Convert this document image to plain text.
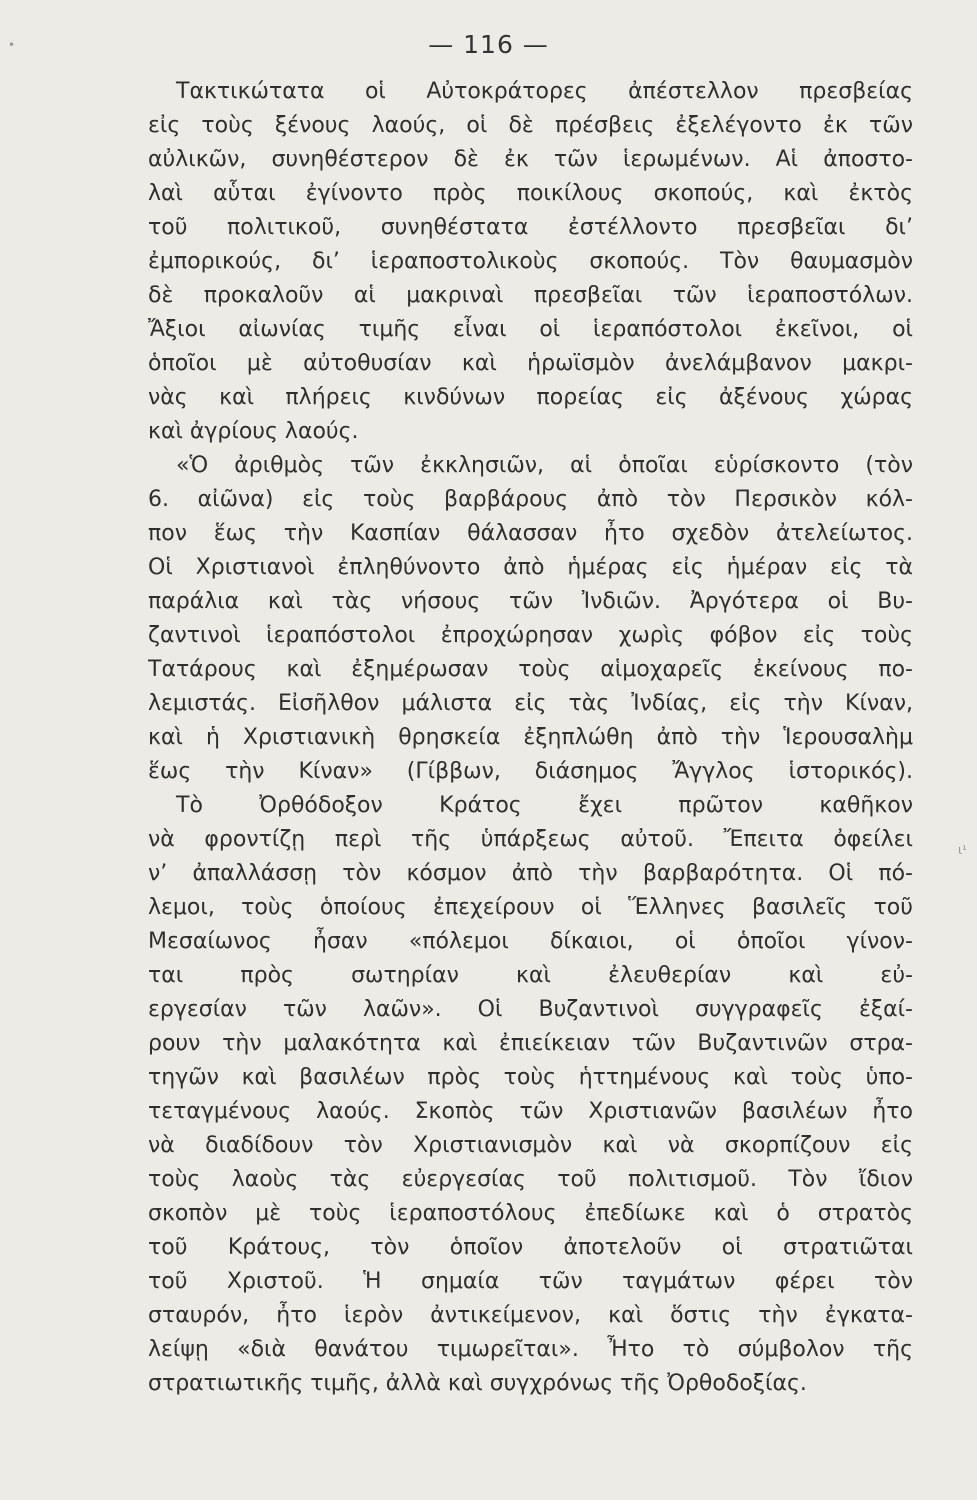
•	— 116 —
Τακτικώτατα οἱ Αὐτοκράτορες ἀπέστελλον πρεσβείας
εἰς τοὺς ξένους λαούς, οἱ δὲ πρέσβεις ἐξελέγοντο ἐκ τῶν
αὐλικῶν, συνηθέστερον δὲ ἐκ τῶν ἱερωμένων. Αἱ ἀποστο-
λαὶ αὗται ἐγίνοντο πρὸς ποικίλους σκοπούς, καὶ ἐκτὸς
τοῦ πολιτικοῦ, συνηθέστατα ἐστέλλοντο πρεσβεῖαι δι’
ἐμπορικούς, δι’ ἱεραποστολικοὺς σκοπούς. Τὸν θαυμασμὸν
δὲ προκαλοῦν αἱ μακριναὶ πρεσβεῖαι τῶν ἱεραποστόλων.
Ἄξιοι αἰωνίας τιμῆς εἶναι οἱ ἱεραπόστολοι ἐκεῖνοι, οἱ
ὁποῖοι μὲ αὐτοθυσίαν καὶ ἡρωϊσμὸν ἀνελάμβανον μακρι-
νὰς καὶ πλήρεις κινδύνων πορείας εἰς ἀξένους χώρας
καὶ ἀγρίους λαούς.
«Ὁ ἀριθμὸς τῶν ἐκκλησιῶν, αἱ ὁποῖαι εὑρίσκοντο (τὸν
6. αἰῶνα) εἰς τοὺς βαρβάρους ἀπὸ τὸν Περσικὸν κόλ-
πον ἕως τὴν Κασπίαν θάλασσαν ἦτο σχεδὸν ἀτελείωτος.
Οἱ Χριστιανοὶ ἐπληθύνοντο ἀπὸ ἡμέρας εἰς ἡμέραν εἰς τὰ
παράλια καὶ τὰς νήσους τῶν Ἰνδιῶν. Ἀργότερα οἱ Βυ-
ζαντινοὶ ἱεραπόστολοι ἐπροχώρησαν χωρὶς φόβον εἰς τοὺς
Τατάρους καὶ ἐξημέρωσαν τοὺς αἱμοχαρεῖς ἐκείνους πο-
λεμιστάς. Εἰσῆλθον μάλιστα εἰς τὰς Ἰνδίας, εἰς τὴν Κίναν,
καὶ ἡ Χριστιανικὴ θρησκεία ἐξηπλώθη ἀπὸ τὴν Ἱερουσαλὴμ
ἕως τὴν Κίναν» (Γίββων, διάσημος Ἄγγλος ἱστορικός).
Τὸ Ὀρθόδοξον Κράτος ἔχει πρῶτον καθῆκον
νὰ φροντίζῃ περὶ τῆς ὑπάρξεως αὐτοῦ. Ἔπειτα ὀφείλει
ν’ ἀπαλλάσσῃ τὸν κόσμον ἀπὸ τὴν βαρβαρότητα. Οἱ πό-
λεμοι, τοὺς ὁποίους ἐπεχείρουν οἱ Ἕλληνες βασιλεῖς τοῦ
Μεσαίωνος ἦσαν «πόλεμοι δίκαιοι, οἱ ὁποῖοι γίνον-
ται πρὸς σωτηρίαν καὶ ἐλευθερίαν καὶ εὐ-
εργεσίαν τῶν λαῶν». Οἱ Βυζαντινοὶ συγγραφεῖς ἐξαί-
ρουν τὴν μαλακότητα καὶ ἐπιείκειαν τῶν Βυζαντινῶν στρα-
τηγῶν καὶ βασιλέων πρὸς τοὺς ἡττημένους καὶ τοὺς ὑπο-
τεταγμένους λαούς. Σκοπὸς τῶν Χριστιανῶν βασιλέων ἦτο
νὰ διαδίδουν τὸν Χριστιανισμὸν καὶ νὰ σκορπίζουν εἰς
τοὺς λαοὺς τὰς εὐεργεσίας τοῦ πολιτισμοῦ. Τὸν ἴδιον
σκοπὸν μὲ τοὺς ἱεραποστόλους ἐπεδίωκε καὶ ὁ στρατὸς
τοῦ Κράτους, τὸν ὁποῖον ἀποτελοῦν οἱ στρατιῶται
τοῦ Χριστοῦ. Ἡ σημαία τῶν ταγμάτων φέρει τὸν
σταυρόν, ἦτο ἱερὸν ἀντικείμενον, καὶ ὅστις τὴν ἐγκατα-
λείψῃ «διὰ θανάτου τιμωρεῖται». Ἦτο τὸ σύμβολον τῆς
στρατιωτικῆς τιμῆς, ἀλλὰ καὶ συγχρόνως τῆς Ὀρθοδοξίας.
ι¹
